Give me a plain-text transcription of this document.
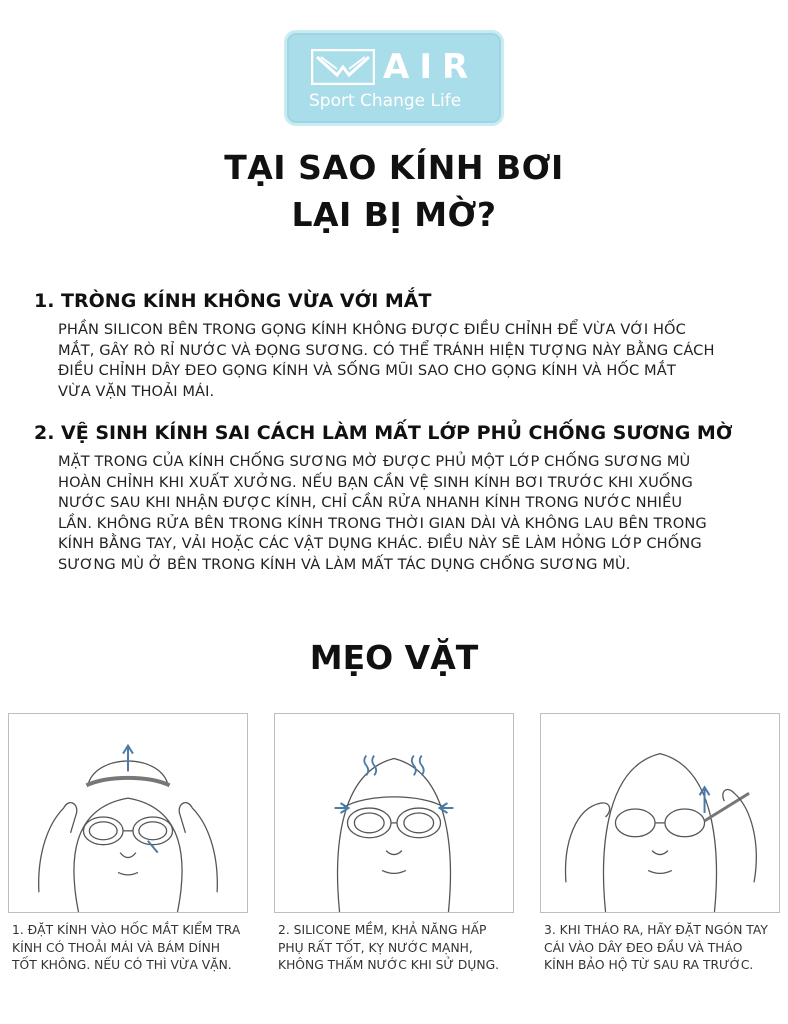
AIR
Sport Change Life
TẠI SAO KÍNH BƠI
LẠI BỊ MỜ?
1. TRÒNG KÍNH KHÔNG VỪA VỚI MẮT
PHẦN SILICON BÊN TRONG GỌNG KÍNH KHÔNG ĐƯỢC ĐIỀU CHỈNH ĐỂ VỪA VỚI HỐC
MẮT, GÂY RÒ RỈ NƯỚC VÀ ĐỌNG SƯƠNG. CÓ THỂ TRÁNH HIỆN TƯỢNG NÀY BẰNG CÁCH
ĐIỀU CHỈNH DÂY ĐEO GỌNG KÍNH VÀ SỐNG MŨI SAO CHO GỌNG KÍNH VÀ HỐC MẮT
VỪA VẶN THOẢI MÁI.
2. VỆ SINH KÍNH SAI CÁCH LÀM MẤT LỚP PHỦ CHỐNG SƯƠNG MỜ
MẶT TRONG CỦA KÍNH CHỐNG SƯƠNG MỜ ĐƯỢC PHỦ MỘT LỚP CHỐNG SƯƠNG MÙ
HOÀN CHỈNH KHI XUẤT XƯỞNG. NẾU BẠN CẦN VỆ SINH KÍNH BƠI TRƯỚC KHI XUỐNG
NƯỚC SAU KHI NHẬN ĐƯỢC KÍNH, CHỈ CẦN RỬA NHANH KÍNH TRONG NƯỚC NHIỀU
LẦN. KHÔNG RỬA BÊN TRONG KÍNH TRONG THỜI GIAN DÀI VÀ KHÔNG LAU BÊN TRONG
KÍNH BẰNG TAY, VẢI HOẶC CÁC VẬT DỤNG KHÁC. ĐIỀU NÀY SẼ LÀM HỎNG LỚP CHỐNG
SƯƠNG MÙ Ở BÊN TRONG KÍNH VÀ LÀM MẤT TÁC DỤNG CHỐNG SƯƠNG MÙ.
MẸO VẶT
1. ĐẶT KÍNH VÀO HỐC MẮT KIỂM TRA
KÍNH CÓ THOẢI MÁI VÀ BÁM DÍNH
TỐT KHÔNG. NẾU CÓ THÌ VỪA VẶN.
2. SILICONE MỀM, KHẢ NĂNG HẤP
PHỤ RẤT TỐT, KỴ NƯỚC MẠNH,
KHÔNG THẤM NƯỚC KHI SỬ DỤNG.
3. KHI THÁO RA, HÃY ĐẶT NGÓN TAY
CÁI VÀO DÂY ĐEO ĐẦU VÀ THÁO
KÍNH BẢO HỘ TỪ SAU RA TRƯỚC.
